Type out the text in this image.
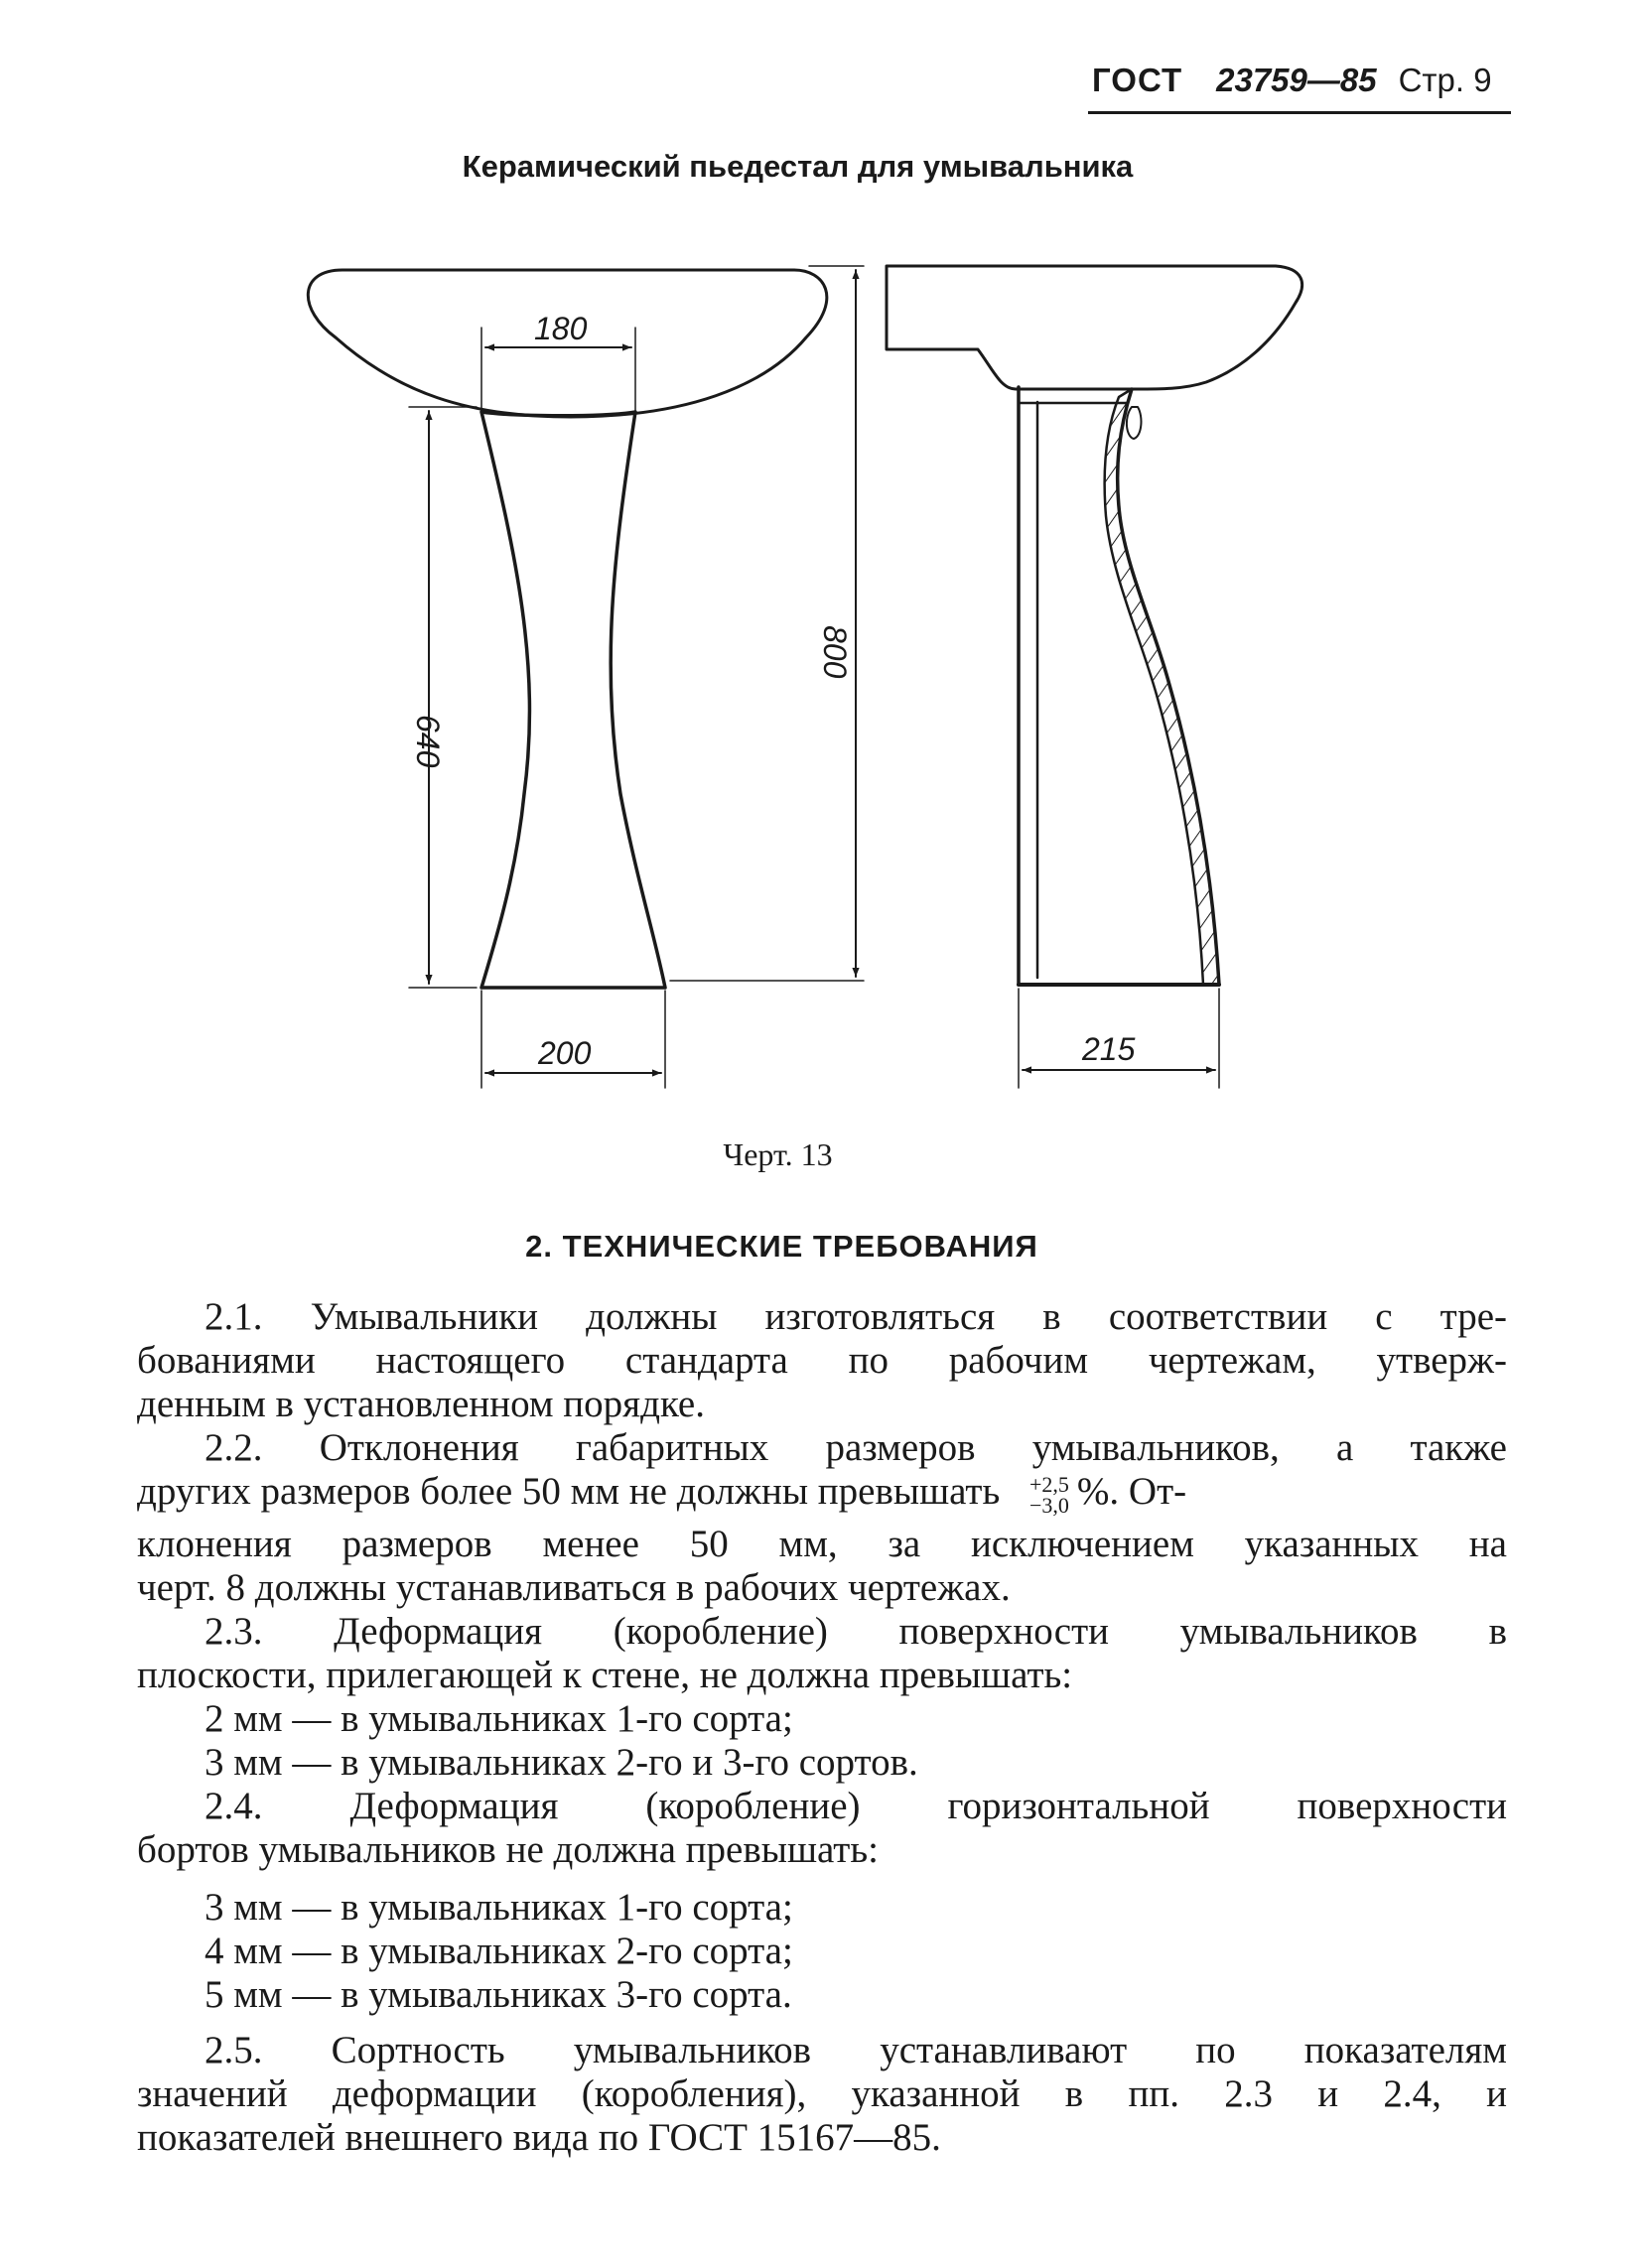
ГОСТ 23759—85 Стр. 9
Керамический пьедестал для умывальника
180
200	215
640
800
Черт. 13
2. ТЕХНИЧЕСКИЕ ТРЕБОВАНИЯ
2.1. Умывальники должны изготовляться в соответствии с тре-
бованиями настоящего стандарта по рабочим чертежам, утверж-
денным в установленном порядке.
2.2. Отклонения габаритных размеров умывальников, а также
других размеров более 50 мм не должны превышать +2,5
−3,0 %. От-
клонения размеров менее 50 мм, за исключением указанных на
черт. 8 должны устанавливаться в рабочих чертежах.
2.3. Деформация (коробление) поверхности умывальников в
плоскости, прилегающей к стене, не должна превышать:
2 мм — в умывальниках 1-го сорта;
3 мм — в умывальниках 2-го и 3-го сортов.
2.4. Деформация (коробление) горизонтальной поверхности
бортов умывальников не должна превышать:
3 мм — в умывальниках 1-го сорта;
4 мм — в умывальниках 2-го сорта;
5 мм — в умывальниках 3-го сорта.
2.5. Сортность умывальников устанавливают по показателям
значений деформации (коробления), указанной в пп. 2.3 и 2.4, и
показателей внешнего вида по ГОСТ 15167—85.
